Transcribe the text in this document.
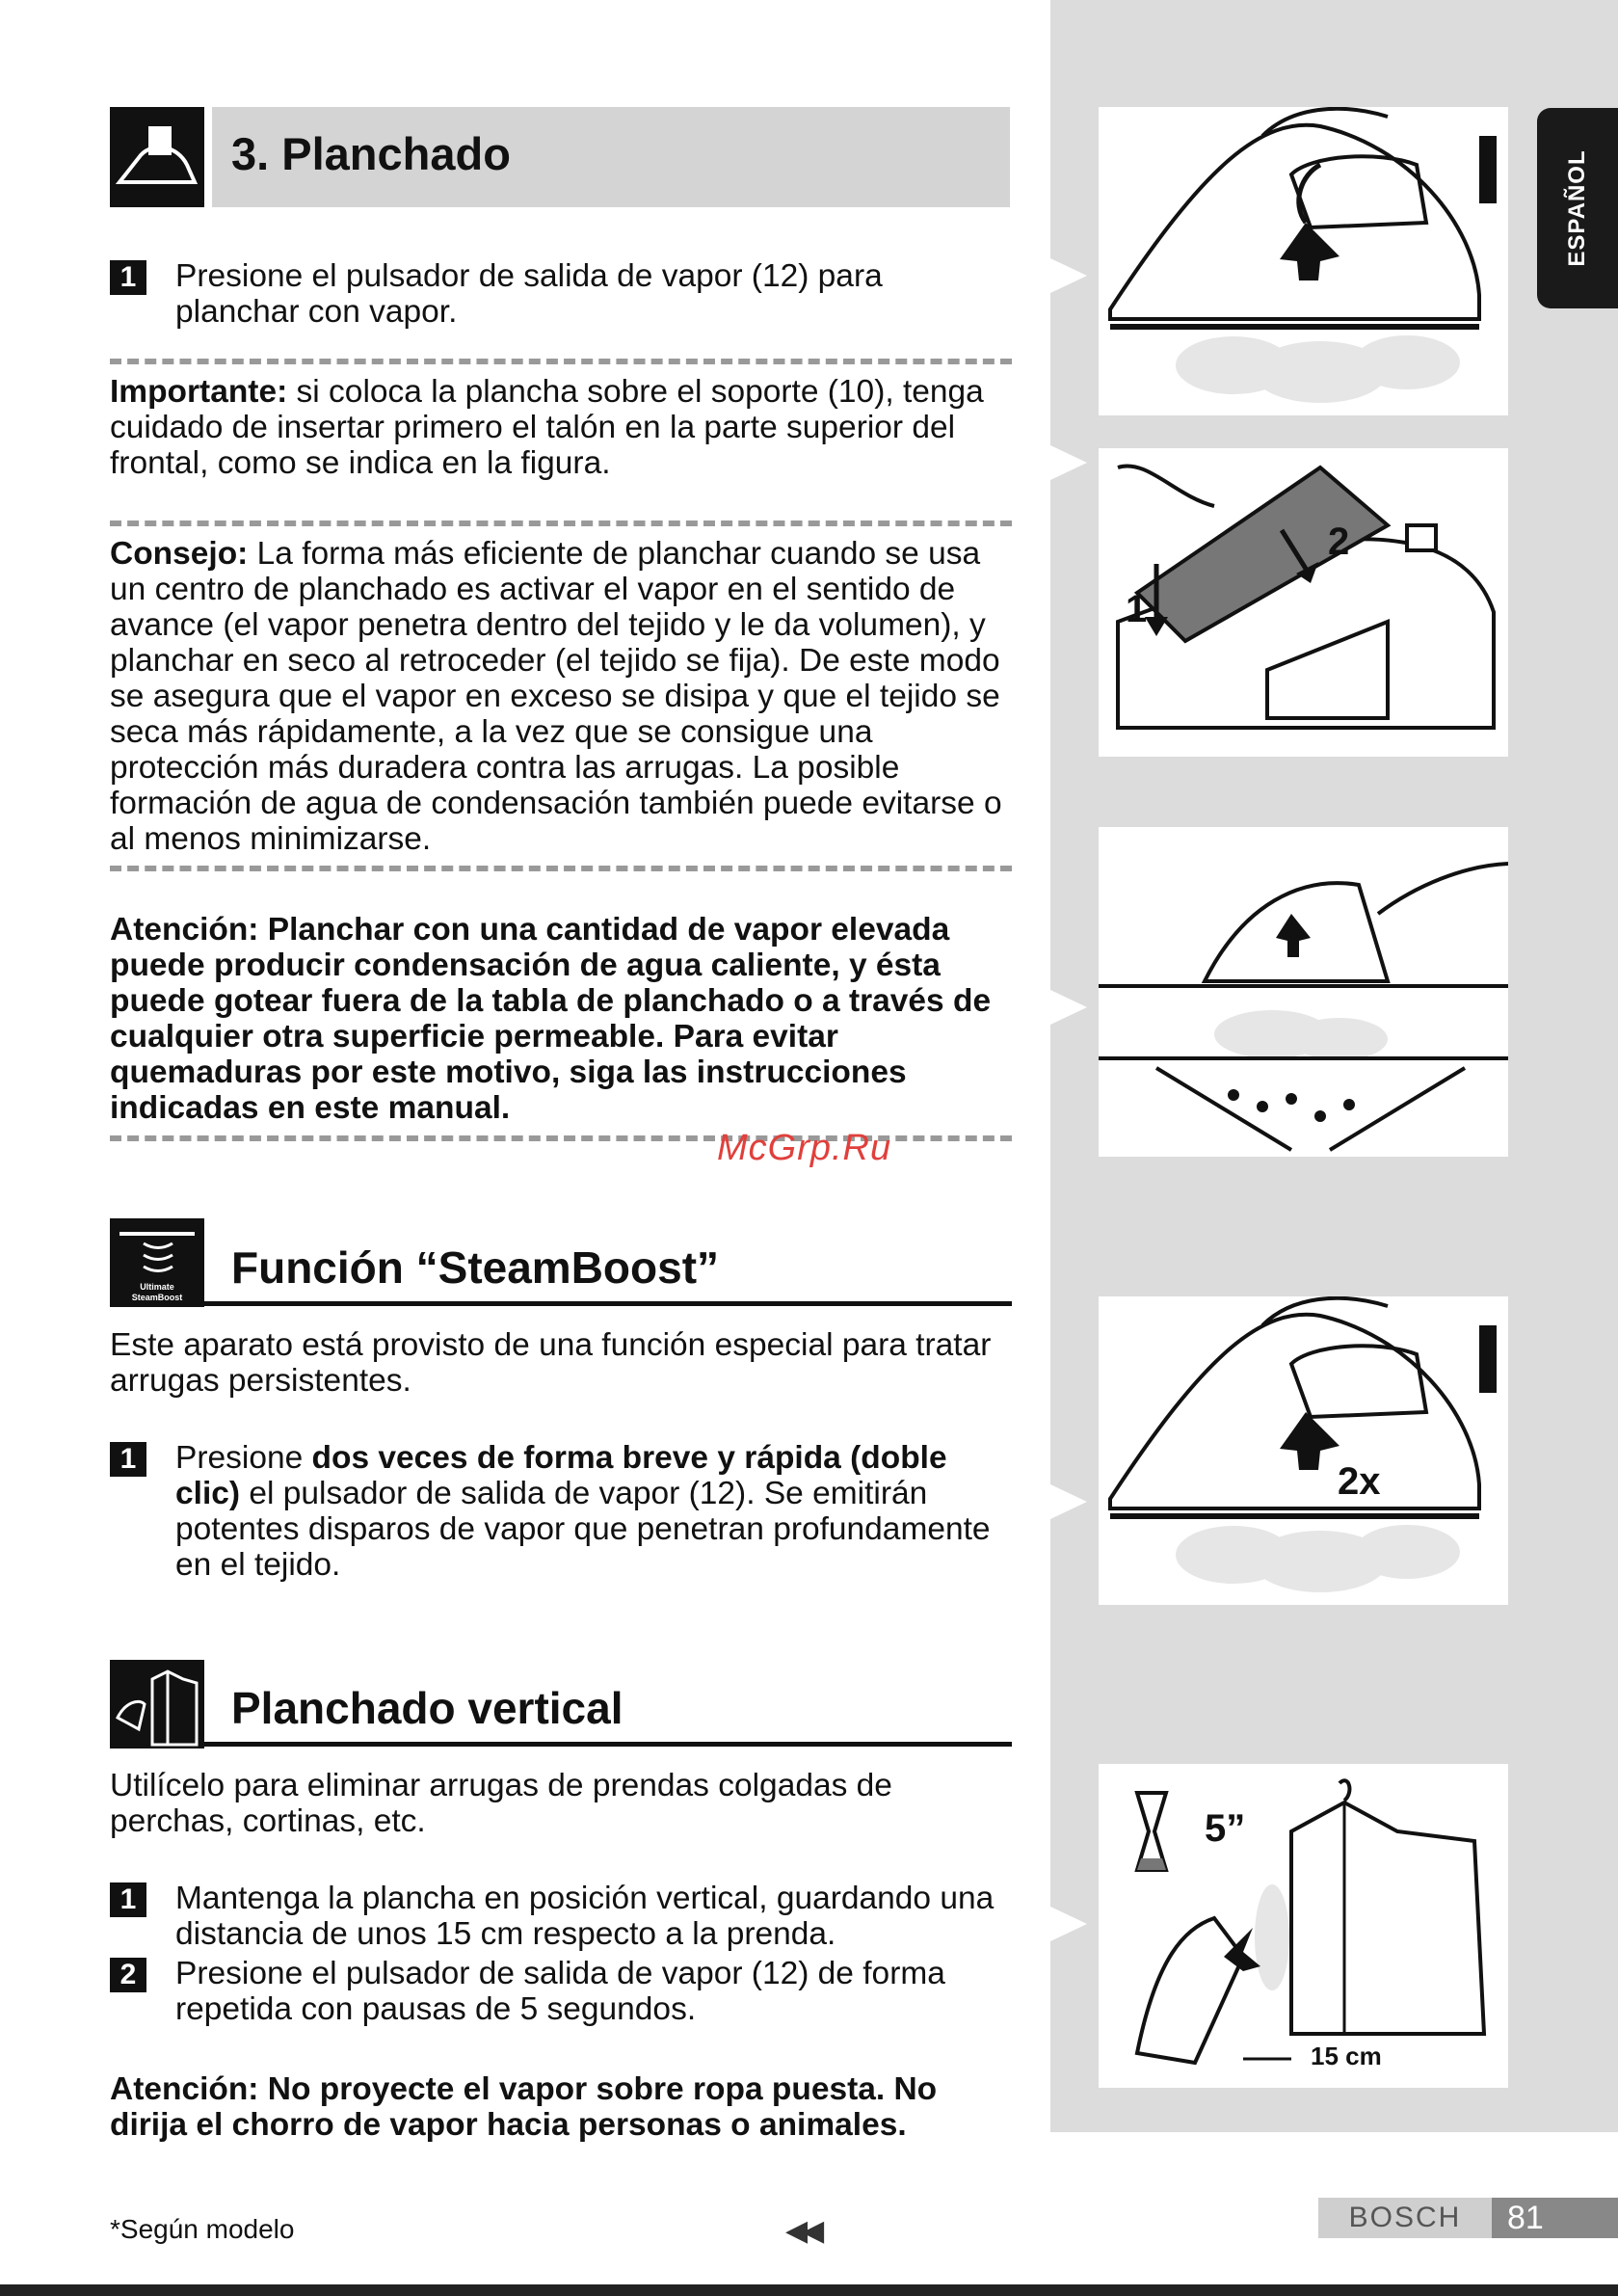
ESPAÑOL
1
2
2x
5”
15 cm
3. Planchado
1	Presione el pulsador de salida de vapor (12) para planchar con vapor.

Importante: si coloca la plancha sobre el soporte (10), tenga cuidado de insertar primero el talón en la parte superior del frontal, como se indica en la figura.

Consejo: La forma más eficiente de planchar cuando se usa un centro de planchado es activar el vapor en el sentido de avance (el vapor penetra dentro del tejido y le da volumen), y planchar en seco al retroceder (el tejido se fija). De este modo se asegura que el vapor en exceso se disipa y que el tejido se seca más rápidamente, a la vez que se consigue una protección más duradera contra las arrugas. La posible formación de agua de condensación también puede evitarse o al menos minimizarse.

Atención: Planchar con una cantidad de vapor elevada puede producir condensación de agua caliente, y ésta puede gotear fuera de la tabla de planchado o a través de cualquier otra superficie permeable. Para evitar quemaduras por este motivo, siga las instrucciones indicadas en este manual.

McGrp.Ru
Ultimate
SteamBoost
Función “SteamBoost”

Este aparato está provisto de una función especial para tratar arrugas persistentes.

1	Presione dos veces de forma breve y rápida (doble clic) el pulsador de salida de vapor (12). Se emitirán potentes disparos de vapor que penetran profundamente en el tejido.

Planchado vertical

Utilícelo para eliminar arrugas de prendas colgadas de perchas, cortinas, etc.

1	Mantenga la plancha en posición vertical, guardando una distancia de unos 15 cm respecto a la prenda.

2	Presione el pulsador de salida de vapor (12) de forma repetida con pausas de 5 segundos.

Atención: No proyecte el vapor sobre ropa puesta. No dirija el chorro de vapor hacia personas o animales.

*Según modelo	◀◀	BOSCH	81
